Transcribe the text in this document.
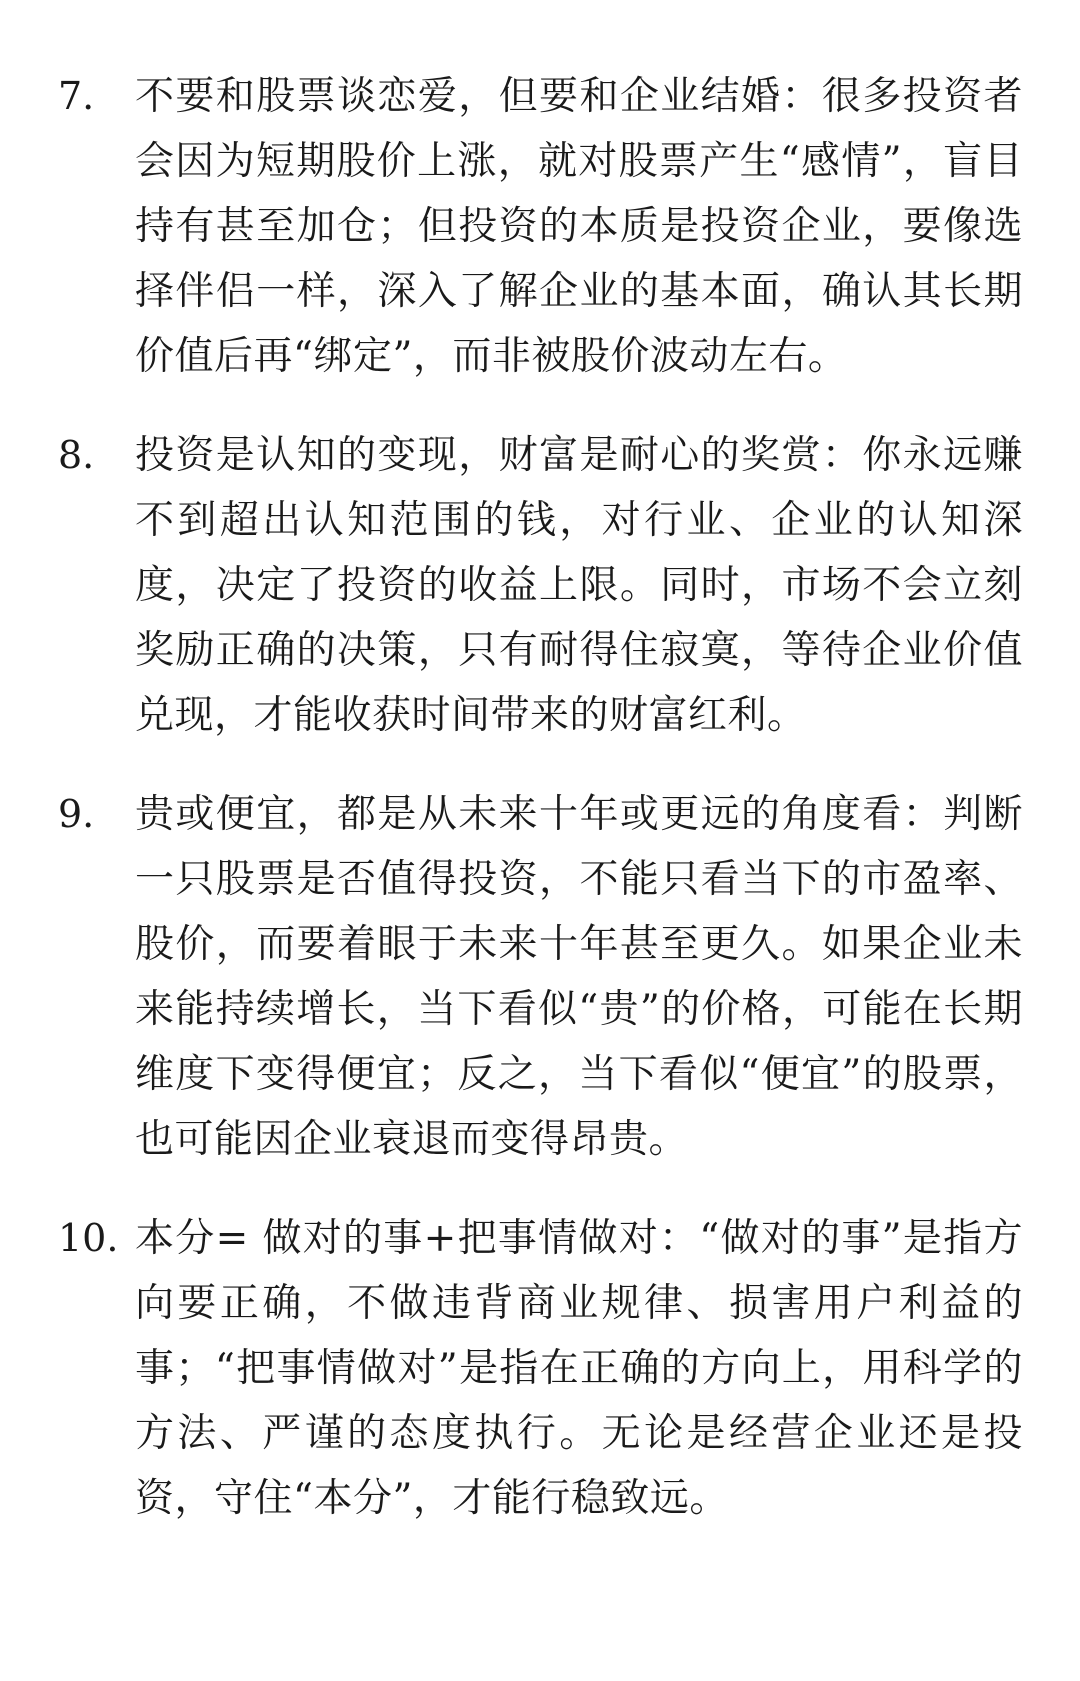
7.	不要和股票谈恋爱，但要和企业结婚：很多投资者会因为短期股价上涨，就对股票产生“感情”，盲目持有甚至加仓；但投资的本质是投资企业，要像选择伴侣一样，深入了解企业的基本面，确认其长期价值后再“绑定”，而非被股价波动左右。
8.	投资是认知的变现，财富是耐心的奖赏：你永远赚不到超出认知范围的钱，对行业、企业的认知深度，决定了投资的收益上限。同时，市场不会立刻奖励正确的决策，只有耐得住寂寞，等待企业价值兑现，才能收获时间带来的财富红利。
9.	贵或便宜，都是从未来十年或更远的角度看：判断一只股票是否值得投资，不能只看当下的市盈率、股价，而要着眼于未来十年甚至更久。如果企业未来能持续增长，当下看似“贵”的价格，可能在长期维度下变得便宜；反之，当下看似“便宜”的股票，也可能因企业衰退而变得昂贵。
10. 本分= 做对的事+把事情做对：“做对的事”是指方向要正确，不做违背商业规律、损害用户利益的事；“把事情做对”是指在正确的方向上，用科学的方法、严谨的态度执行。无论是经营企业还是投资，守住“本分”，才能行稳致远。
